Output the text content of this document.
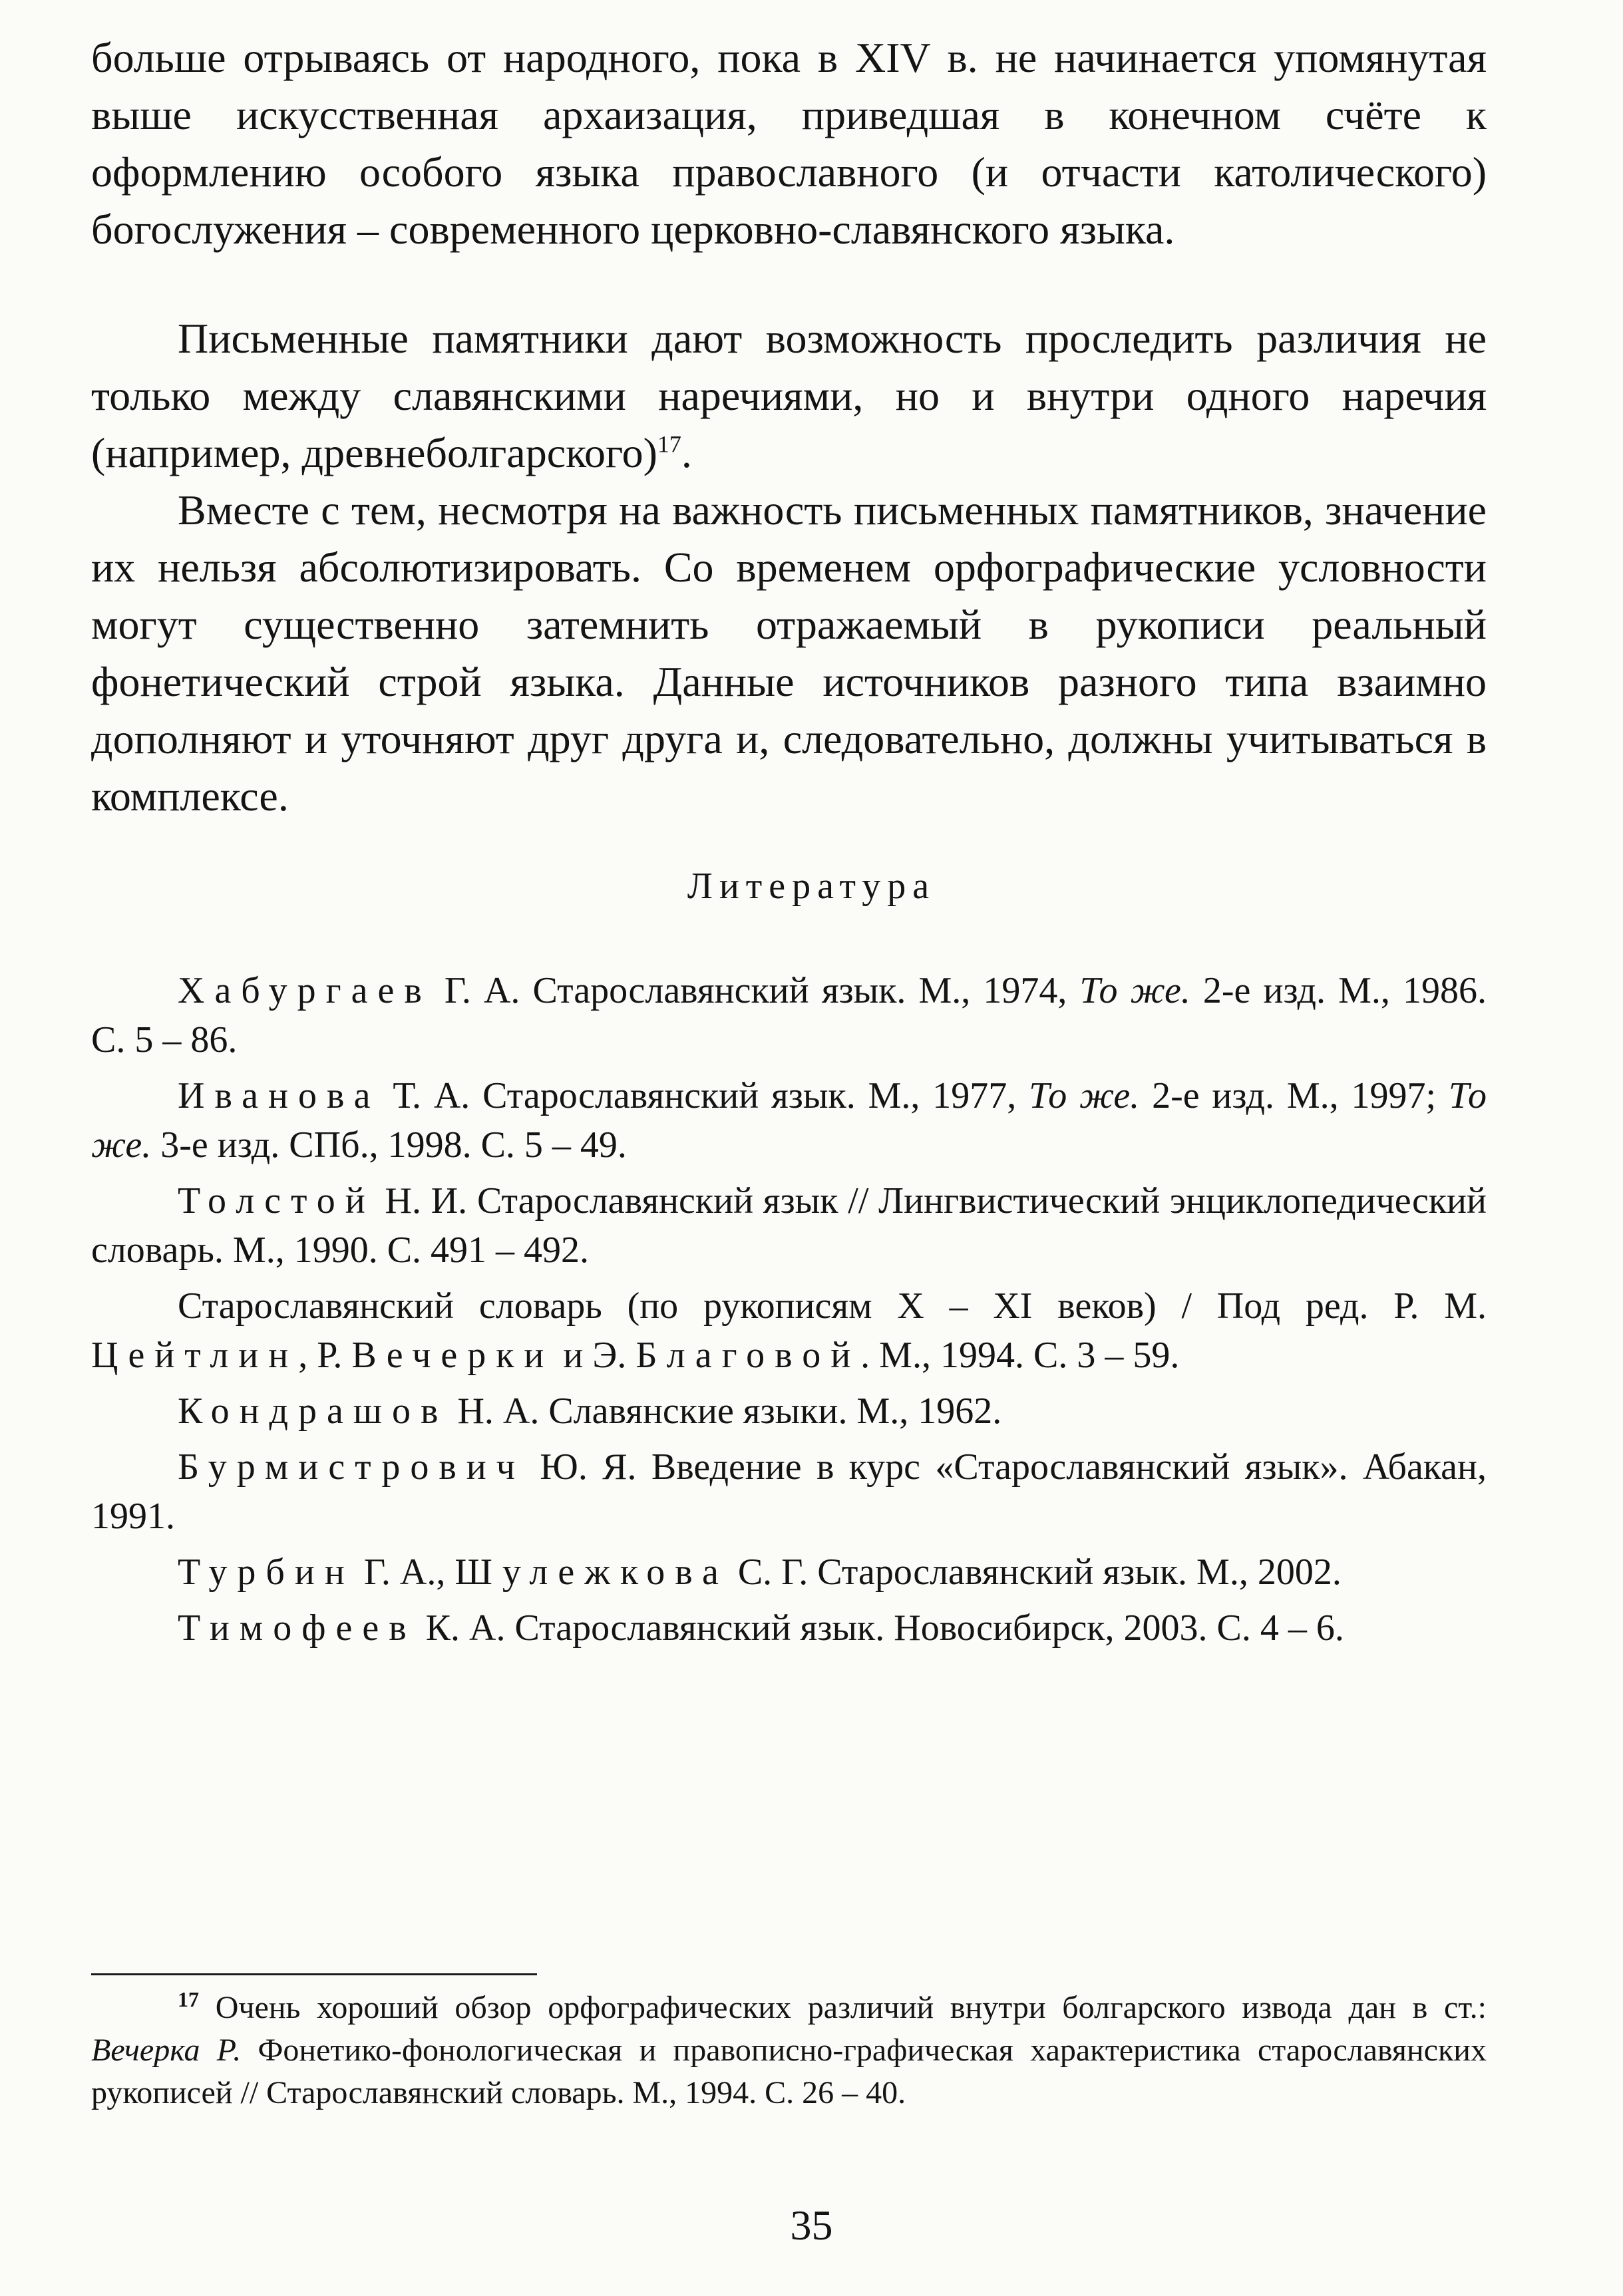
больше отрываясь от народного, пока в XIV в. не начинается упомянутая выше искусственная архаизация, приведшая в конечном счёте к оформлению особого языка православного (и отчасти католического) богослужения – современного церковно-славянского языка.

Письменные памятники дают возможность проследить различия не только между славянскими наречиями, но и внутри одного наречия (например, древнеболгарского)$^{17}$.

Вместе с тем, несмотря на важность письменных памятников, значение их нельзя абсолютизировать. Со временем орфографические условности могут существенно затемнить отражаемый в рукописи реальный фонетический строй языка. Данные источников разного типа взаимно дополняют и уточняют друг друга и, следовательно, должны учитываться в комплексе.

Литература

Хабургаев Г. А. Старославянский язык. М., 1974, То же. 2-е изд. М., 1986. С. 5 – 86.

Иванова Т. А. Старославянский язык. М., 1977, То же. 2-е изд. М., 1997; То же. 3-е изд. СПб., 1998. С. 5 – 49.

Толстой Н. И. Старославянский язык // Лингвистический энциклопедический словарь. М., 1990. С. 491 – 492.

Старославянский словарь (по рукописям X – XI веков) / Под ред. Р. М. Цейтлин, Р. Вечерки и Э. Благовой. М., 1994. С. 3 – 59.

Кондрашов Н. А. Славянские языки. М., 1962.

Бурмистрович Ю. Я. Введение в курс «Старославянский язык». Абакан, 1991.

Турбин Г. А., Шулежкова С. Г. Старославянский язык. М., 2002.

Тимофеев К. А. Старославянский язык. Новосибирск, 2003. С. 4 – 6.

$^{17}$ Очень хороший обзор орфографических различий внутри болгарского извода дан в ст.: Вечерка Р. Фонетико-фонологическая и правописно-графическая характеристика старославянских рукописей // Старославянский словарь. М., 1994. С. 26 – 40.

35
